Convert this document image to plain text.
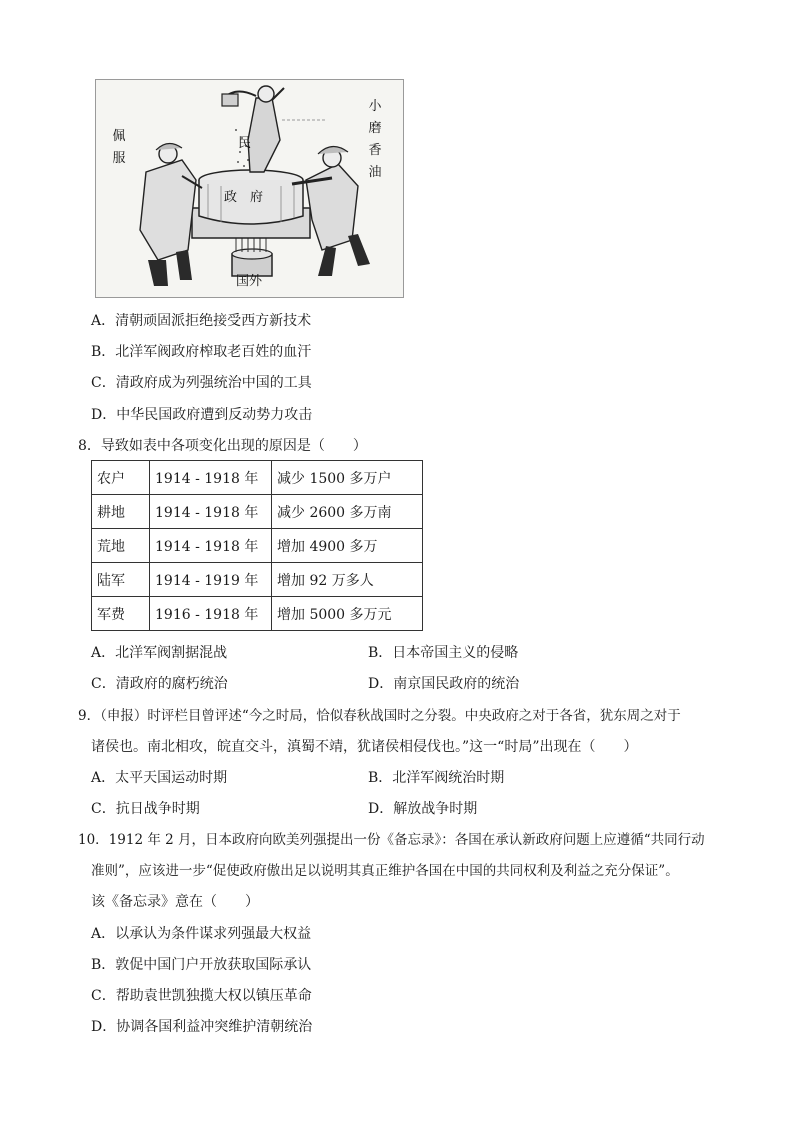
佩服
民
小磨香油
政　府
国外
A．清朝顽固派拒绝接受西方新技术
B．北洋军阀政府榨取老百姓的血汗
C．清政府成为列强统治中国的工具
D．中华民国政府遭到反动势力攻击
8．导致如表中各项变化出现的原因是（　　）
农户	1914 - 1918 年	减少 1500 多万户
耕地	1914 - 1918 年	减少 2600 多万南
荒地	1914 - 1918 年	增加 4900 多万
陆军	1914 - 1919 年	增加 92 万多人
军费	1916 - 1918 年	增加 5000 多万元
A．北洋军阀割据混战	B．日本帝国主义的侵略
C．清政府的腐朽统治	D．南京国民政府的统治
9．（申报）时评栏目曾评述“今之时局，恰似春秋战国时之分裂。中央政府之对于各省，犹东周之对于
诸侯也。南北相攻，皖直交斗，滇蜀不靖，犹诸侯相侵伐也。”这一“时局”出现在（　　）
A．太平天国运动时期	B．北洋军阀统治时期
C．抗日战争时期	D．解放战争时期
10．1912 年 2 月，日本政府向欧美列强提出一份《备忘录》：各国在承认新政府问题上应遵循“共同行动
准则”，应该进一步“促使政府傲出足以说明其真正维护各国在中国的共同权利及利益之充分保证”。
该《备忘录》意在（　　）
A．以承认为条件谋求列强最大权益
B．敦促中国门户开放获取国际承认
C．帮助袁世凯独揽大权以镇压革命
D．协调各国利益冲突维护清朝统治
